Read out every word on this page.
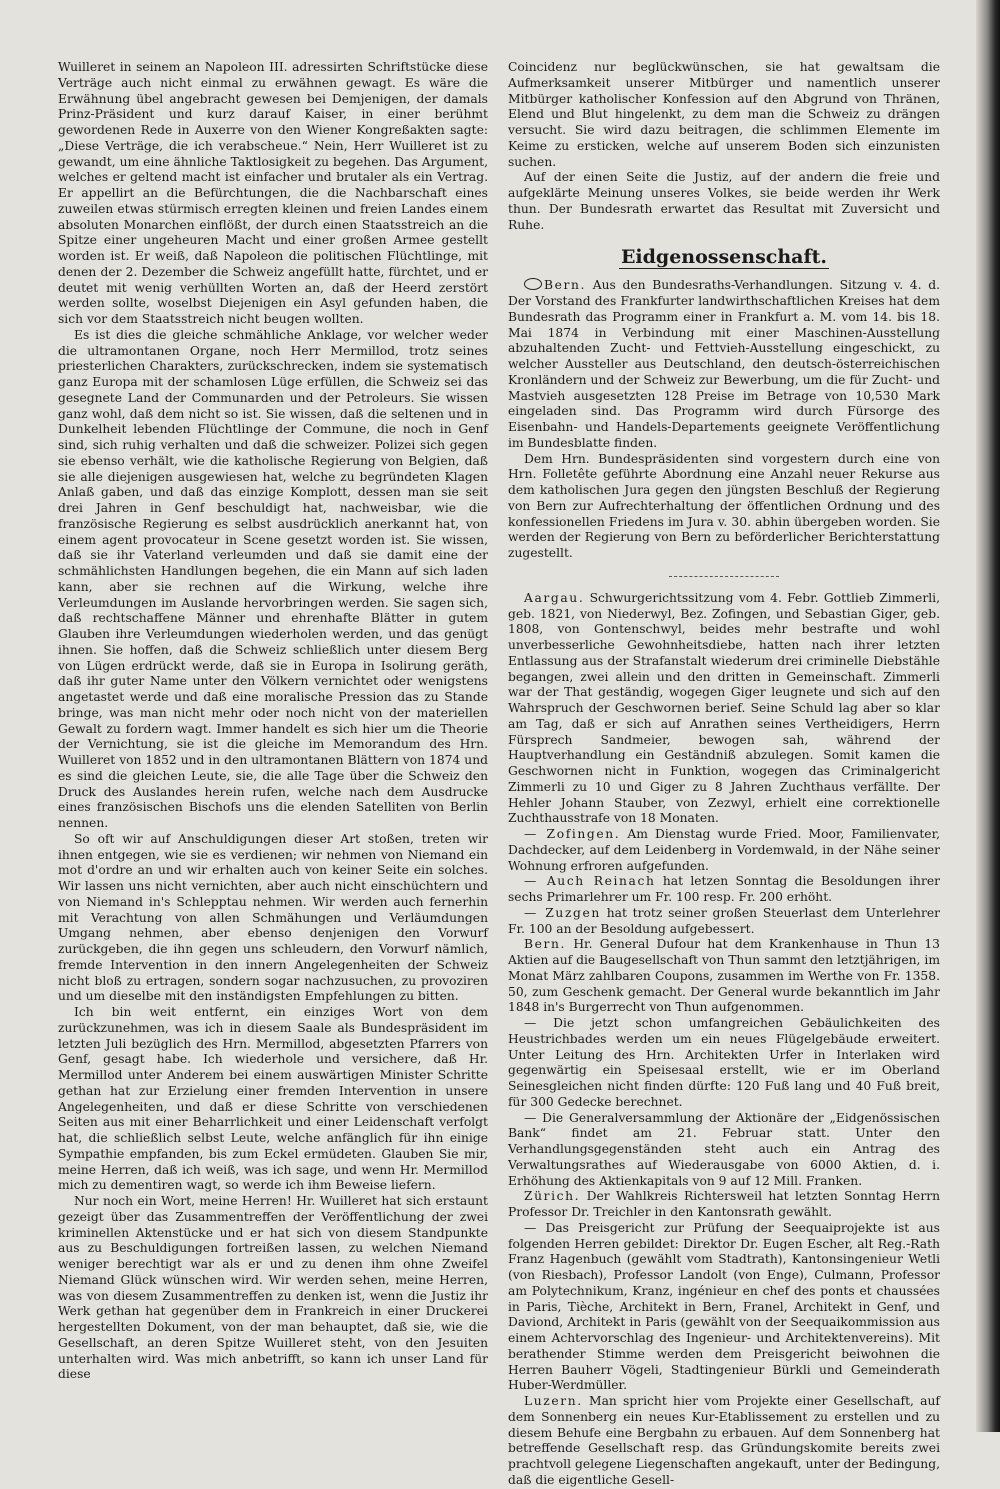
Wuilleret in seinem an Napoleon III. adressirten Schriftstücke diese Verträge auch nicht einmal zu erwähnen gewagt. Es wäre die Erwähnung übel angebracht gewesen bei Demjenigen, der damals Prinz-Präsident und kurz darauf Kaiser, in einer berühmt gewordenen Rede in Auxerre von den Wiener Kongreßakten sagte: „Diese Verträge, die ich verabscheue.“ Nein, Herr Wuilleret ist zu gewandt, um eine ähnliche Taktlosigkeit zu begehen. Das Argument, welches er geltend macht ist einfacher und brutaler als ein Vertrag. Er appellirt an die Befürchtungen, die die Nachbarschaft eines zuweilen etwas stürmisch erregten kleinen und freien Landes einem absoluten Monarchen einflößt, der durch einen Staatsstreich an die Spitze einer ungeheuren Macht und einer großen Armee gestellt worden ist. Er weiß, daß Napoleon die politischen Flüchtlinge, mit denen der 2. Dezember die Schweiz angefüllt hatte, fürchtet, und er deutet mit wenig verhüllten Worten an, daß der Heerd zerstört werden sollte, woselbst Diejenigen ein Asyl gefunden haben, die sich vor dem Staatsstreich nicht beugen wollten.

Es ist dies die gleiche schmähliche Anklage, vor welcher weder die ultramontanen Organe, noch Herr Mermillod, trotz seines priesterlichen Charakters, zurückschrecken, indem sie systematisch ganz Europa mit der schamlosen Lüge erfüllen, die Schweiz sei das gesegnete Land der Communarden und der Petroleurs. Sie wissen ganz wohl, daß dem nicht so ist. Sie wissen, daß die seltenen und in Dunkelheit lebenden Flüchtlinge der Commune, die noch in Genf sind, sich ruhig verhalten und daß die schweizer. Polizei sich gegen sie ebenso verhält, wie die katholische Regierung von Belgien, daß sie alle diejenigen ausgewiesen hat, welche zu begründeten Klagen Anlaß gaben, und daß das einzige Komplott, dessen man sie seit drei Jahren in Genf beschuldigt hat, nachweisbar, wie die französische Regierung es selbst ausdrücklich anerkannt hat, von einem agent provocateur in Scene gesetzt worden ist. Sie wissen, daß sie ihr Vaterland verleumden und daß sie damit eine der schmählichsten Handlungen begehen, die ein Mann auf sich laden kann, aber sie rechnen auf die Wirkung, welche ihre Verleumdungen im Auslande hervorbringen werden. Sie sagen sich, daß rechtschaffene Männer und ehrenhafte Blätter in gutem Glauben ihre Verleumdungen wiederholen werden, und das genügt ihnen. Sie hoffen, daß die Schweiz schließlich unter diesem Berg von Lügen erdrückt werde, daß sie in Europa in Isolirung geräth, daß ihr guter Name unter den Völkern vernichtet oder wenigstens angetastet werde und daß eine moralische Pression das zu Stande bringe, was man nicht mehr oder noch nicht von der materiellen Gewalt zu fordern wagt. Immer handelt es sich hier um die Theorie der Vernichtung, sie ist die gleiche im Memorandum des Hrn. Wuilleret von 1852 und in den ultramontanen Blättern von 1874 und es sind die gleichen Leute, sie, die alle Tage über die Schweiz den Druck des Auslandes herein rufen, welche nach dem Ausdrucke eines französischen Bischofs uns die elenden Satelliten von Berlin nennen.

So oft wir auf Anschuldigungen dieser Art stoßen, treten wir ihnen entgegen, wie sie es verdienen; wir nehmen von Niemand ein mot d'ordre an und wir erhalten auch von keiner Seite ein solches. Wir lassen uns nicht vernichten, aber auch nicht einschüchtern und von Niemand in's Schlepptau nehmen. Wir werden auch fernerhin mit Verachtung von allen Schmähungen und Verläumdungen Umgang nehmen, aber ebenso denjenigen den Vorwurf zurückgeben, die ihn gegen uns schleudern, den Vorwurf nämlich, fremde Intervention in den innern Angelegenheiten der Schweiz nicht bloß zu ertragen, sondern sogar nachzusuchen, zu provoziren und um dieselbe mit den inständigsten Empfehlungen zu bitten.

Ich bin weit entfernt, ein einziges Wort von dem zurückzunehmen, was ich in diesem Saale als Bundespräsident im letzten Juli bezüglich des Hrn. Mermillod, abgesetzten Pfarrers von Genf, gesagt habe. Ich wiederhole und versichere, daß Hr. Mermillod unter Anderem bei einem auswärtigen Minister Schritte gethan hat zur Erzielung einer fremden Intervention in unsere Angelegenheiten, und daß er diese Schritte von verschiedenen Seiten aus mit einer Beharrlichkeit und einer Leidenschaft verfolgt hat, die schließlich selbst Leute, welche anfänglich für ihn einige Sympathie empfanden, bis zum Eckel ermüdeten. Glauben Sie mir, meine Herren, daß ich weiß, was ich sage, und wenn Hr. Mermillod mich zu dementiren wagt, so werde ich ihm Beweise liefern.

Nur noch ein Wort, meine Herren! Hr. Wuilleret hat sich erstaunt gezeigt über das Zusammentreffen der Veröffentlichung der zwei kriminellen Aktenstücke und er hat sich von diesem Standpunkte aus zu Beschuldigungen fortreißen lassen, zu welchen Niemand weniger berechtigt war als er und zu denen ihm ohne Zweifel Niemand Glück wünschen wird. Wir werden sehen, meine Herren, was von diesem Zusammentreffen zu denken ist, wenn die Justiz ihr Werk gethan hat gegenüber dem in Frankreich in einer Druckerei hergestellten Dokument, von der man behauptet, daß sie, wie die Gesellschaft, an deren Spitze Wuilleret steht, von den Jesuiten unterhalten wird. Was mich anbetrifft, so kann ich unser Land für diese

Coincidenz nur beglückwünschen, sie hat gewaltsam die Aufmerksamkeit unserer Mitbürger und namentlich unserer Mitbürger katholischer Konfession auf den Abgrund von Thränen, Elend und Blut hingelenkt, zu dem man die Schweiz zu drängen versucht. Sie wird dazu beitragen, die schlimmen Elemente im Keime zu ersticken, welche auf unserem Boden sich einzunisten suchen.

Auf der einen Seite die Justiz, auf der andern die freie und aufgeklärte Meinung unseres Volkes, sie beide werden ihr Werk thun. Der Bundesrath erwartet das Resultat mit Zuversicht und Ruhe.

Eidgenossenschaft.

Bern. Aus den Bundesraths-Verhandlungen. Sitzung v. 4. d. Der Vorstand des Frankfurter landwirthschaftlichen Kreises hat dem Bundesrath das Programm einer in Frankfurt a. M. vom 14. bis 18. Mai 1874 in Verbindung mit einer Maschinen-Ausstellung abzuhaltenden Zucht- und Fettvieh-Ausstellung eingeschickt, zu welcher Aussteller aus Deutschland, den deutsch-österreichischen Kronländern und der Schweiz zur Bewerbung, um die für Zucht- und Mastvieh ausgesetzten 128 Preise im Betrage von 10,530 Mark eingeladen sind. Das Programm wird durch Fürsorge des Eisenbahn- und Handels-Departements geeignete Veröffentlichung im Bundesblatte finden.

Dem Hrn. Bundespräsidenten sind vorgestern durch eine von Hrn. Folletête geführte Abordnung eine Anzahl neuer Rekurse aus dem katholischen Jura gegen den jüngsten Beschluß der Regierung von Bern zur Aufrechterhaltung der öffentlichen Ordnung und des konfessionellen Friedens im Jura v. 30. abhin übergeben worden. Sie werden der Regierung von Bern zu beförderlicher Berichterstattung zugestellt.

Aargau. Schwurgerichtssitzung vom 4. Febr. Gottlieb Zimmerli, geb. 1821, von Niederwyl, Bez. Zofingen, und Sebastian Giger, geb. 1808, von Gontenschwyl, beides mehr bestrafte und wohl unverbesserliche Gewohnheitsdiebe, hatten nach ihrer letzten Entlassung aus der Strafanstalt wiederum drei criminelle Diebstähle begangen, zwei allein und den dritten in Gemeinschaft. Zimmerli war der That geständig, wogegen Giger leugnete und sich auf den Wahrspruch der Geschwornen berief. Seine Schuld lag aber so klar am Tag, daß er sich auf Anrathen seines Vertheidigers, Herrn Fürsprech Sandmeier, bewogen sah, während der Hauptverhandlung ein Geständniß abzulegen. Somit kamen die Geschwornen nicht in Funktion, wogegen das Criminalgericht Zimmerli zu 10 und Giger zu 8 Jahren Zuchthaus verfällte. Der Hehler Johann Stauber, von Zezwyl, erhielt eine correktionelle Zuchthausstrafe von 18 Monaten.

— Zofingen. Am Dienstag wurde Fried. Moor, Familienvater, Dachdecker, auf dem Leidenberg in Vordemwald, in der Nähe seiner Wohnung erfroren aufgefunden.

— Auch Reinach hat letzen Sonntag die Besoldungen ihrer sechs Primarlehrer um Fr. 100 resp. Fr. 200 erhöht.

— Zuzgen hat trotz seiner großen Steuerlast dem Unterlehrer Fr. 100 an der Besoldung aufgebessert.

Bern. Hr. General Dufour hat dem Krankenhause in Thun 13 Aktien auf die Baugesellschaft von Thun sammt den letztjährigen, im Monat März zahlbaren Coupons, zusammen im Werthe von Fr. 1358. 50, zum Geschenk gemacht. Der General wurde bekanntlich im Jahr 1848 in's Burgerrecht von Thun aufgenommen.

— Die jetzt schon umfangreichen Gebäulichkeiten des Heustrichbades werden um ein neues Flügelgebäude erweitert. Unter Leitung des Hrn. Architekten Urfer in Interlaken wird gegenwärtig ein Speisesaal erstellt, wie er im Oberland Seinesgleichen nicht finden dürfte: 120 Fuß lang und 40 Fuß breit, für 300 Gedecke berechnet.

— Die Generalversammlung der Aktionäre der „Eidgenössischen Bank“ findet am 21. Februar statt. Unter den Verhandlungsgegenständen steht auch ein Antrag des Verwaltungsrathes auf Wiederausgabe von 6000 Aktien, d. i. Erhöhung des Aktienkapitals von 9 auf 12 Mill. Franken.

Zürich. Der Wahlkreis Richtersweil hat letzten Sonntag Herrn Professor Dr. Treichler in den Kantonsrath gewählt.

— Das Preisgericht zur Prüfung der Seequaiprojekte ist aus folgenden Herren gebildet: Direktor Dr. Eugen Escher, alt Reg.-Rath Franz Hagenbuch (gewählt vom Stadtrath), Kantonsingenieur Wetli (von Riesbach), Professor Landolt (von Enge), Culmann, Professor am Polytechnikum, Kranz, ingénieur en chef des ponts et chaussées in Paris, Tièche, Architekt in Bern, Franel, Architekt in Genf, und Daviond, Architekt in Paris (gewählt von der Seequaikommission aus einem Achtervorschlag des Ingenieur- und Architektenvereins). Mit berathender Stimme werden dem Preisgericht beiwohnen die Herren Bauherr Vögeli, Stadtingenieur Bürkli und Gemeinderath Huber-Werdmüller.

Luzern. Man spricht hier vom Projekte einer Gesellschaft, auf dem Sonnenberg ein neues Kur-Etablissement zu erstellen und zu diesem Behufe eine Bergbahn zu erbauen. Auf dem Sonnenberg hat betreffende Gesellschaft resp. das Gründungskomite bereits zwei prachtvoll gelegene Liegenschaften angekauft, unter der Bedingung, daß die eigentliche Gesell-
